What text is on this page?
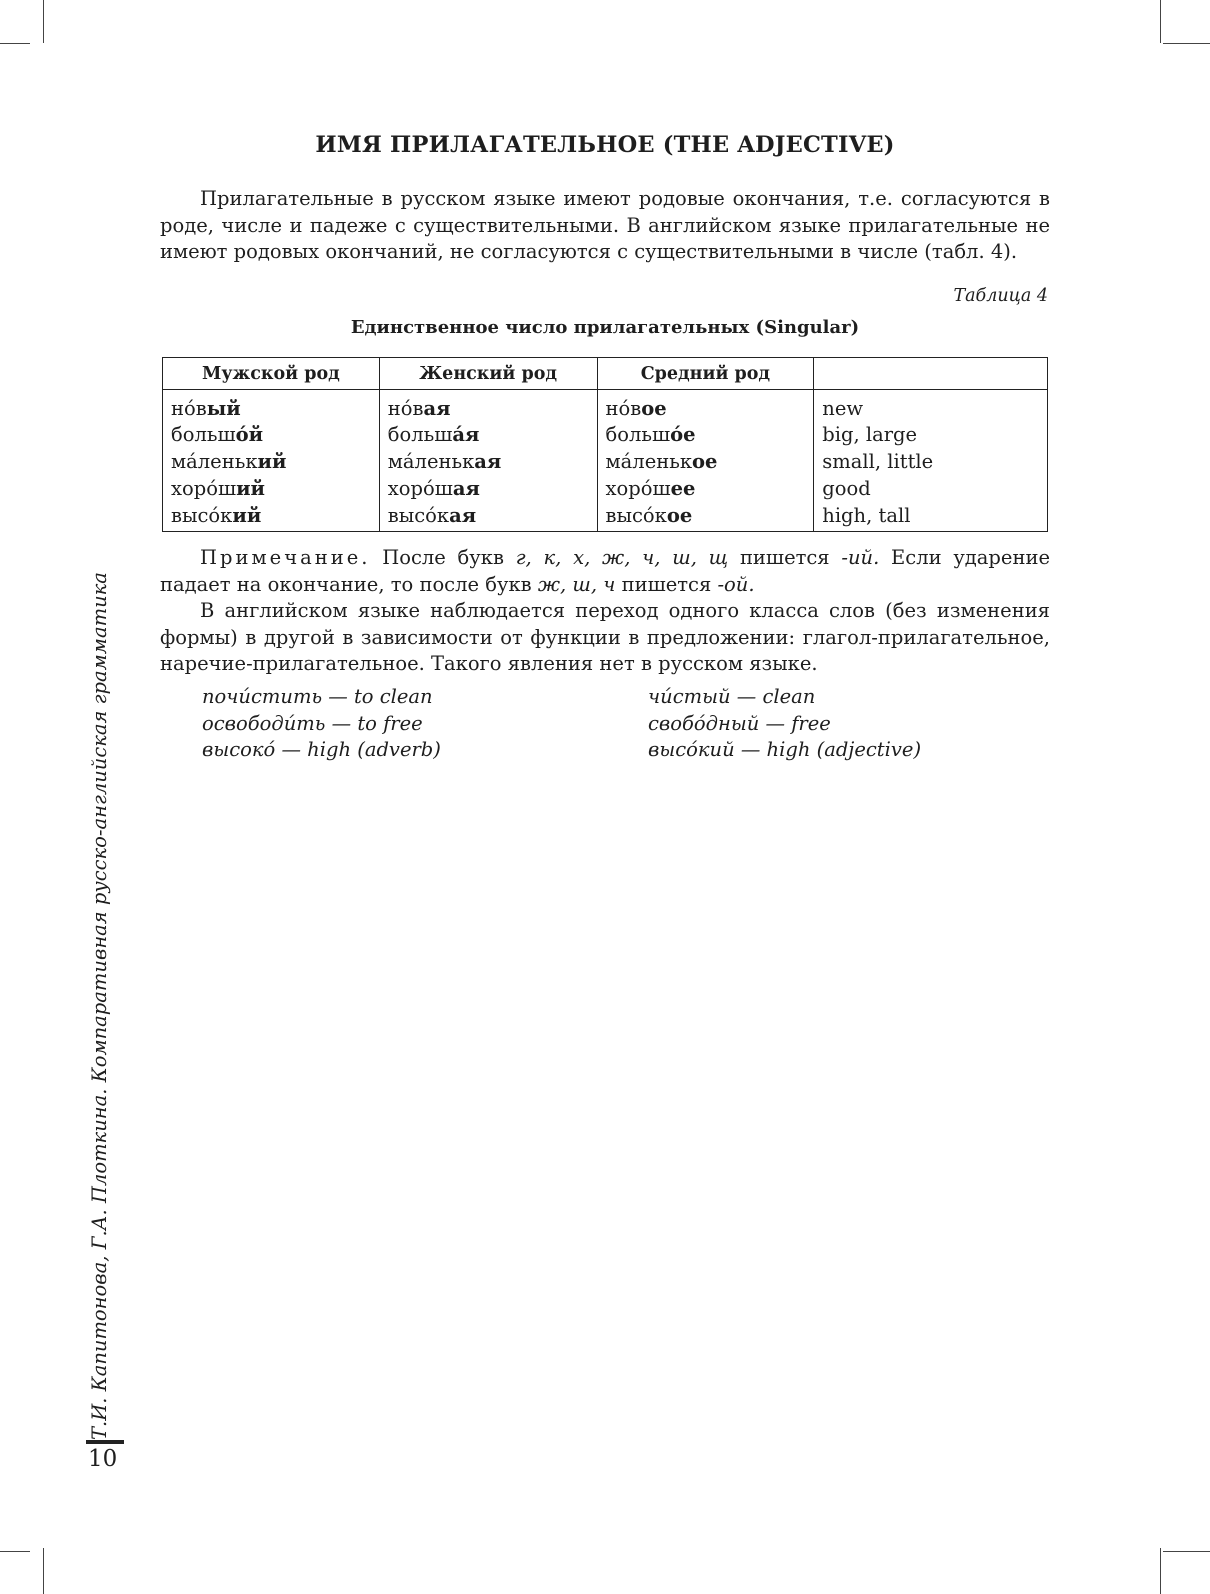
ИМЯ ПРИЛАГАТЕЛЬНОЕ (THE ADJECTIVE)

Прилагательные в русском языке имеют родовые окончания, т.е. согласуются в роде, числе и падеже с существительными. В английском языке прилагательные не имеют родовых окончаний, не согласуются с существительными в числе (табл. 4).

Таблица 4
Единственное число прилагательных (Singular)
Мужской род	Женский род	Средний род	
но́вый	но́вая	но́вое	new
большо́й	больша́я	большо́е	big, large
ма́ленький	ма́ленькая	ма́ленькое	small, little
хоро́ший	хоро́шая	хоро́шее	good
высо́кий	высо́кая	высо́кое	high, tall

Примечание. После букв г, к, х, ж, ч, ш, щ пишется -ий. Если ударение падает на окончание, то после букв ж, ш, ч пишется -ой.

В английском языке наблюдается переход одного класса слов (без изменения формы) в другой в зависимости от функции в предложении: глагол-прилагательное, наречие-прилагательное. Такого явления нет в русском языке.

почи́стить — to clean	чи́стый — clean
освободи́ть — to free	свобо́дный — free
высоко́ — high (adverb)	высо́кий — high (adjective)
Т.И. Капитонова, Г.А. Плоткина. Компаративная русско-английская грамматика
10
